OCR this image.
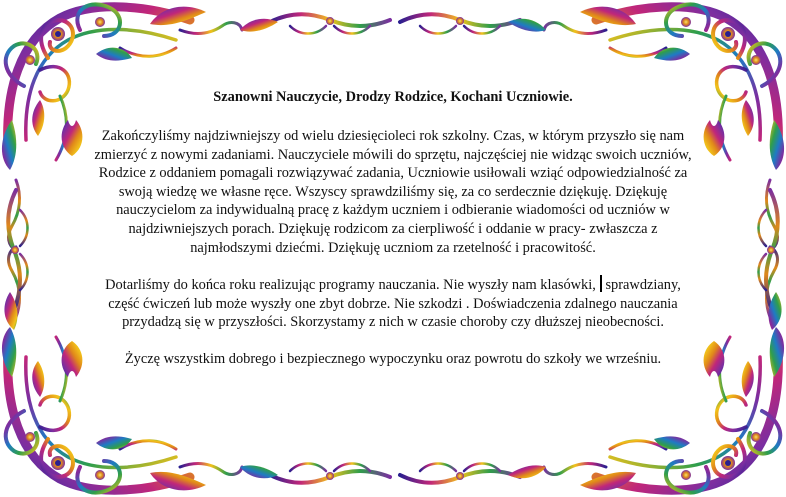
Szanowni Nauczycie, Drodzy Rodzice, Kochani Uczniowie.

Zakończyliśmy najdziwniejszy od wielu dziesięcioleci rok szkolny. Czas, w którym przyszło się nam zmierzyć z nowymi zadaniami. Nauczyciele mówili do sprzętu, najczęściej nie widząc swoich uczniów, Rodzice z oddaniem pomagali rozwiązywać zadania, Uczniowie usiłowali wziąć odpowiedzialność za swoją wiedzę we własne ręce. Wszyscy sprawdziliśmy się, za co serdecznie dziękuję. Dziękuję nauczycielom za indywidualną pracę z każdym uczniem i odbieranie wiadomości od uczniów w najdziwniejszych porach. Dziękuję rodzicom za cierpliwość i oddanie w pracy- zwłaszcza z najmłodszymi dziećmi. Dziękuję uczniom za rzetelność i pracowitość.

Dotarliśmy do końca roku realizując programy nauczania. Nie wyszły nam klasówki, sprawdziany, część ćwiczeń lub może wyszły one zbyt dobrze. Nie szkodzi . Doświadczenia zdalnego nauczania przydadzą się w przyszłości. Skorzystamy z nich w czasie choroby czy dłuższej nieobecności.

Życzę wszystkim dobrego i bezpiecznego wypoczynku oraz powrotu do szkoły we wrześniu.
